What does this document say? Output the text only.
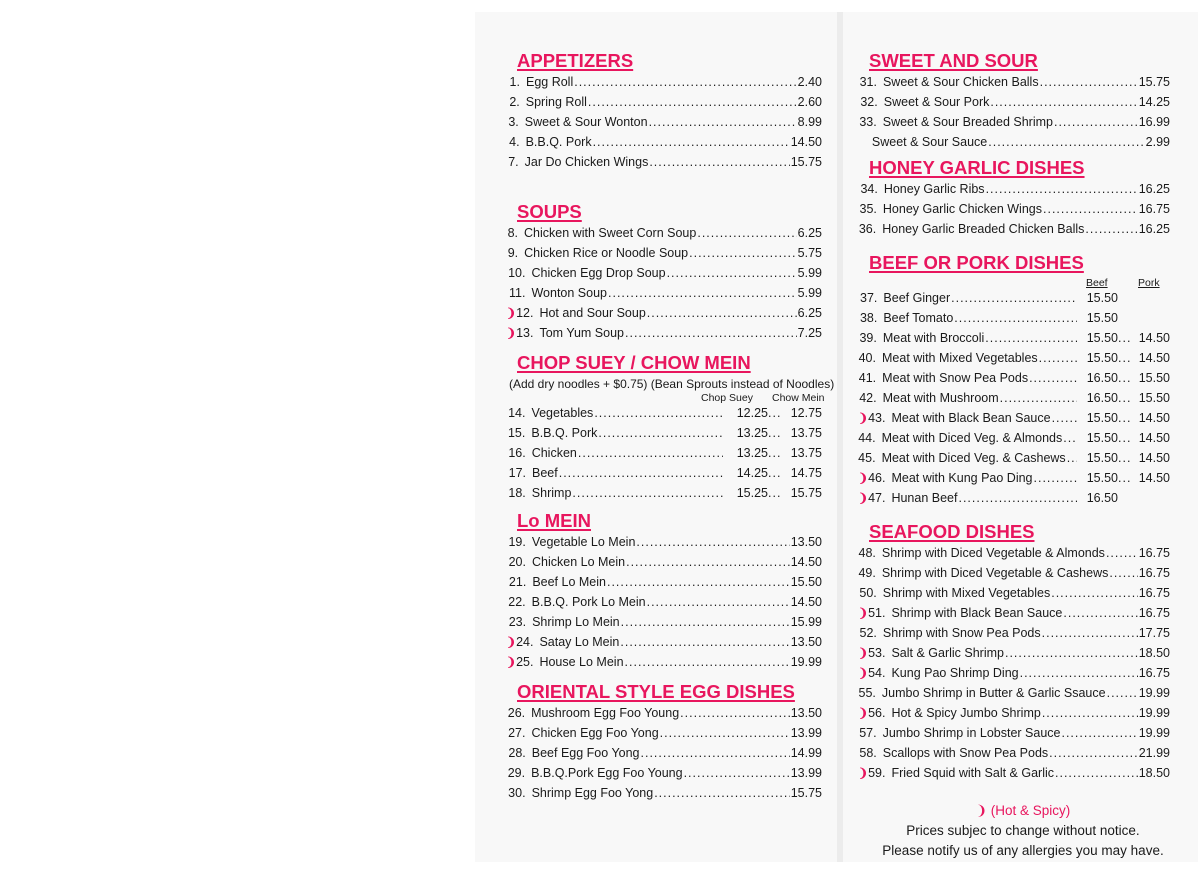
APPETIZERS
1. Egg Roll .....	2.40
2. Spring Roll .....	2.60
3. Sweet & Sour Wonton .....	8.99
4. B.B.Q. Pork .....	14.50
7. Jar Do Chicken Wings .....	15.75
SOUPS
8. Chicken with Sweet Corn Soup .....	6.25
9. Chicken Rice or Noodle Soup .....	5.75
10. Chicken Egg Drop Soup .....	5.99
11. Wonton Soup .....	5.99
❩ 12. Hot and Sour Soup .....	6.25
❩ 13. Tom Yum Soup .....	7.25
CHOP SUEY / CHOW MEIN
(Add dry noodles + $0.75) (Bean Sprouts instead of Noodles)
Chop Suey Chow Mein
14. Vegetables .....	12.25 .....	12.75
15. B.B.Q. Pork .....	13.25 .....	13.75
16. Chicken .....	13.25 .....	13.75
17. Beef .....	14.25 .....	14.75
18. Shrimp .....	15.25 .....	15.75
Lo MEIN
19. Vegetable Lo Mein .....	13.50
20. Chicken Lo Mein .....	14.50
21. Beef Lo Mein .....	15.50
22. B.B.Q. Pork Lo Mein .....	14.50
23. Shrimp Lo Mein .....	15.99
❩ 24. Satay Lo Mein .....	13.50
❩ 25. House Lo Mein .....	19.99
ORIENTAL STYLE EGG DISHES
26. Mushroom Egg Foo Young .....	13.50
27. Chicken Egg Foo Yong .....	13.99
28. Beef Egg Foo Yong .....	14.99
29. B.B.Q.Pork Egg Foo Young .....	13.99
30. Shrimp Egg Foo Yong .....	15.75
SWEET AND SOUR
31. Sweet & Sour Chicken Balls .....	15.75
32. Sweet & Sour Pork .....	14.25
33. Sweet & Sour Breaded Shrimp .....	16.99
Sweet & Sour Sauce .....	2.99
HONEY GARLIC DISHES
34. Honey Garlic Ribs .....	16.25
35. Honey Garlic Chicken Wings .....	16.75
36. Honey Garlic Breaded Chicken Balls .....	16.25
BEEF OR PORK DISHES
Beef	Pork
37. Beef Ginger .....	15.50
38. Beef Tomato .....	15.50
39. Meat with Broccoli .....	15.50 .....	14.50
40. Meat with Mixed Vegetables .....	15.50 .....	14.50
41. Meat with Snow Pea Pods .....	16.50 .....	15.50
42. Meat with Mushroom .....	16.50 .....	15.50
❩ 43. Meat with Black Bean Sauce .....	15.50 .....	14.50
44. Meat with Diced Veg. & Almonds .....	15.50 .....	14.50
45. Meat with Diced Veg. & Cashews .....	15.50 .....	14.50
❩ 46. Meat with Kung Pao Ding .....	15.50 .....	14.50
❩ 47. Hunan Beef .....	16.50
SEAFOOD DISHES
48. Shrimp with Diced Vegetable & Almonds .....	16.75
49. Shrimp with Diced Vegetable & Cashews ..... 16.75
50. Shrimp with Mixed Vegetables .....	16.75
❩ 51. Shrimp with Black Bean Sauce .....	16.75
52. Shrimp with Snow Pea Pods .....	17.75
❩ 53. Salt & Garlic Shrimp .....	18.50
❩ 54. Kung Pao Shrimp Ding .....	16.75
55. Jumbo Shrimp in Butter & Garlic Ssauce .....	19.99
❩ 56. Hot & Spicy Jumbo Shrimp .....	19.99
57. Jumbo Shrimp in Lobster Sauce .....	19.99
58. Scallops with Snow Pea Pods .....	21.99
❩ 59. Fried Squid with Salt & Garlic .....	18.50
❩ (Hot & Spicy)
Prices subjec to change without notice.
Please notify us of any allergies you may have.
